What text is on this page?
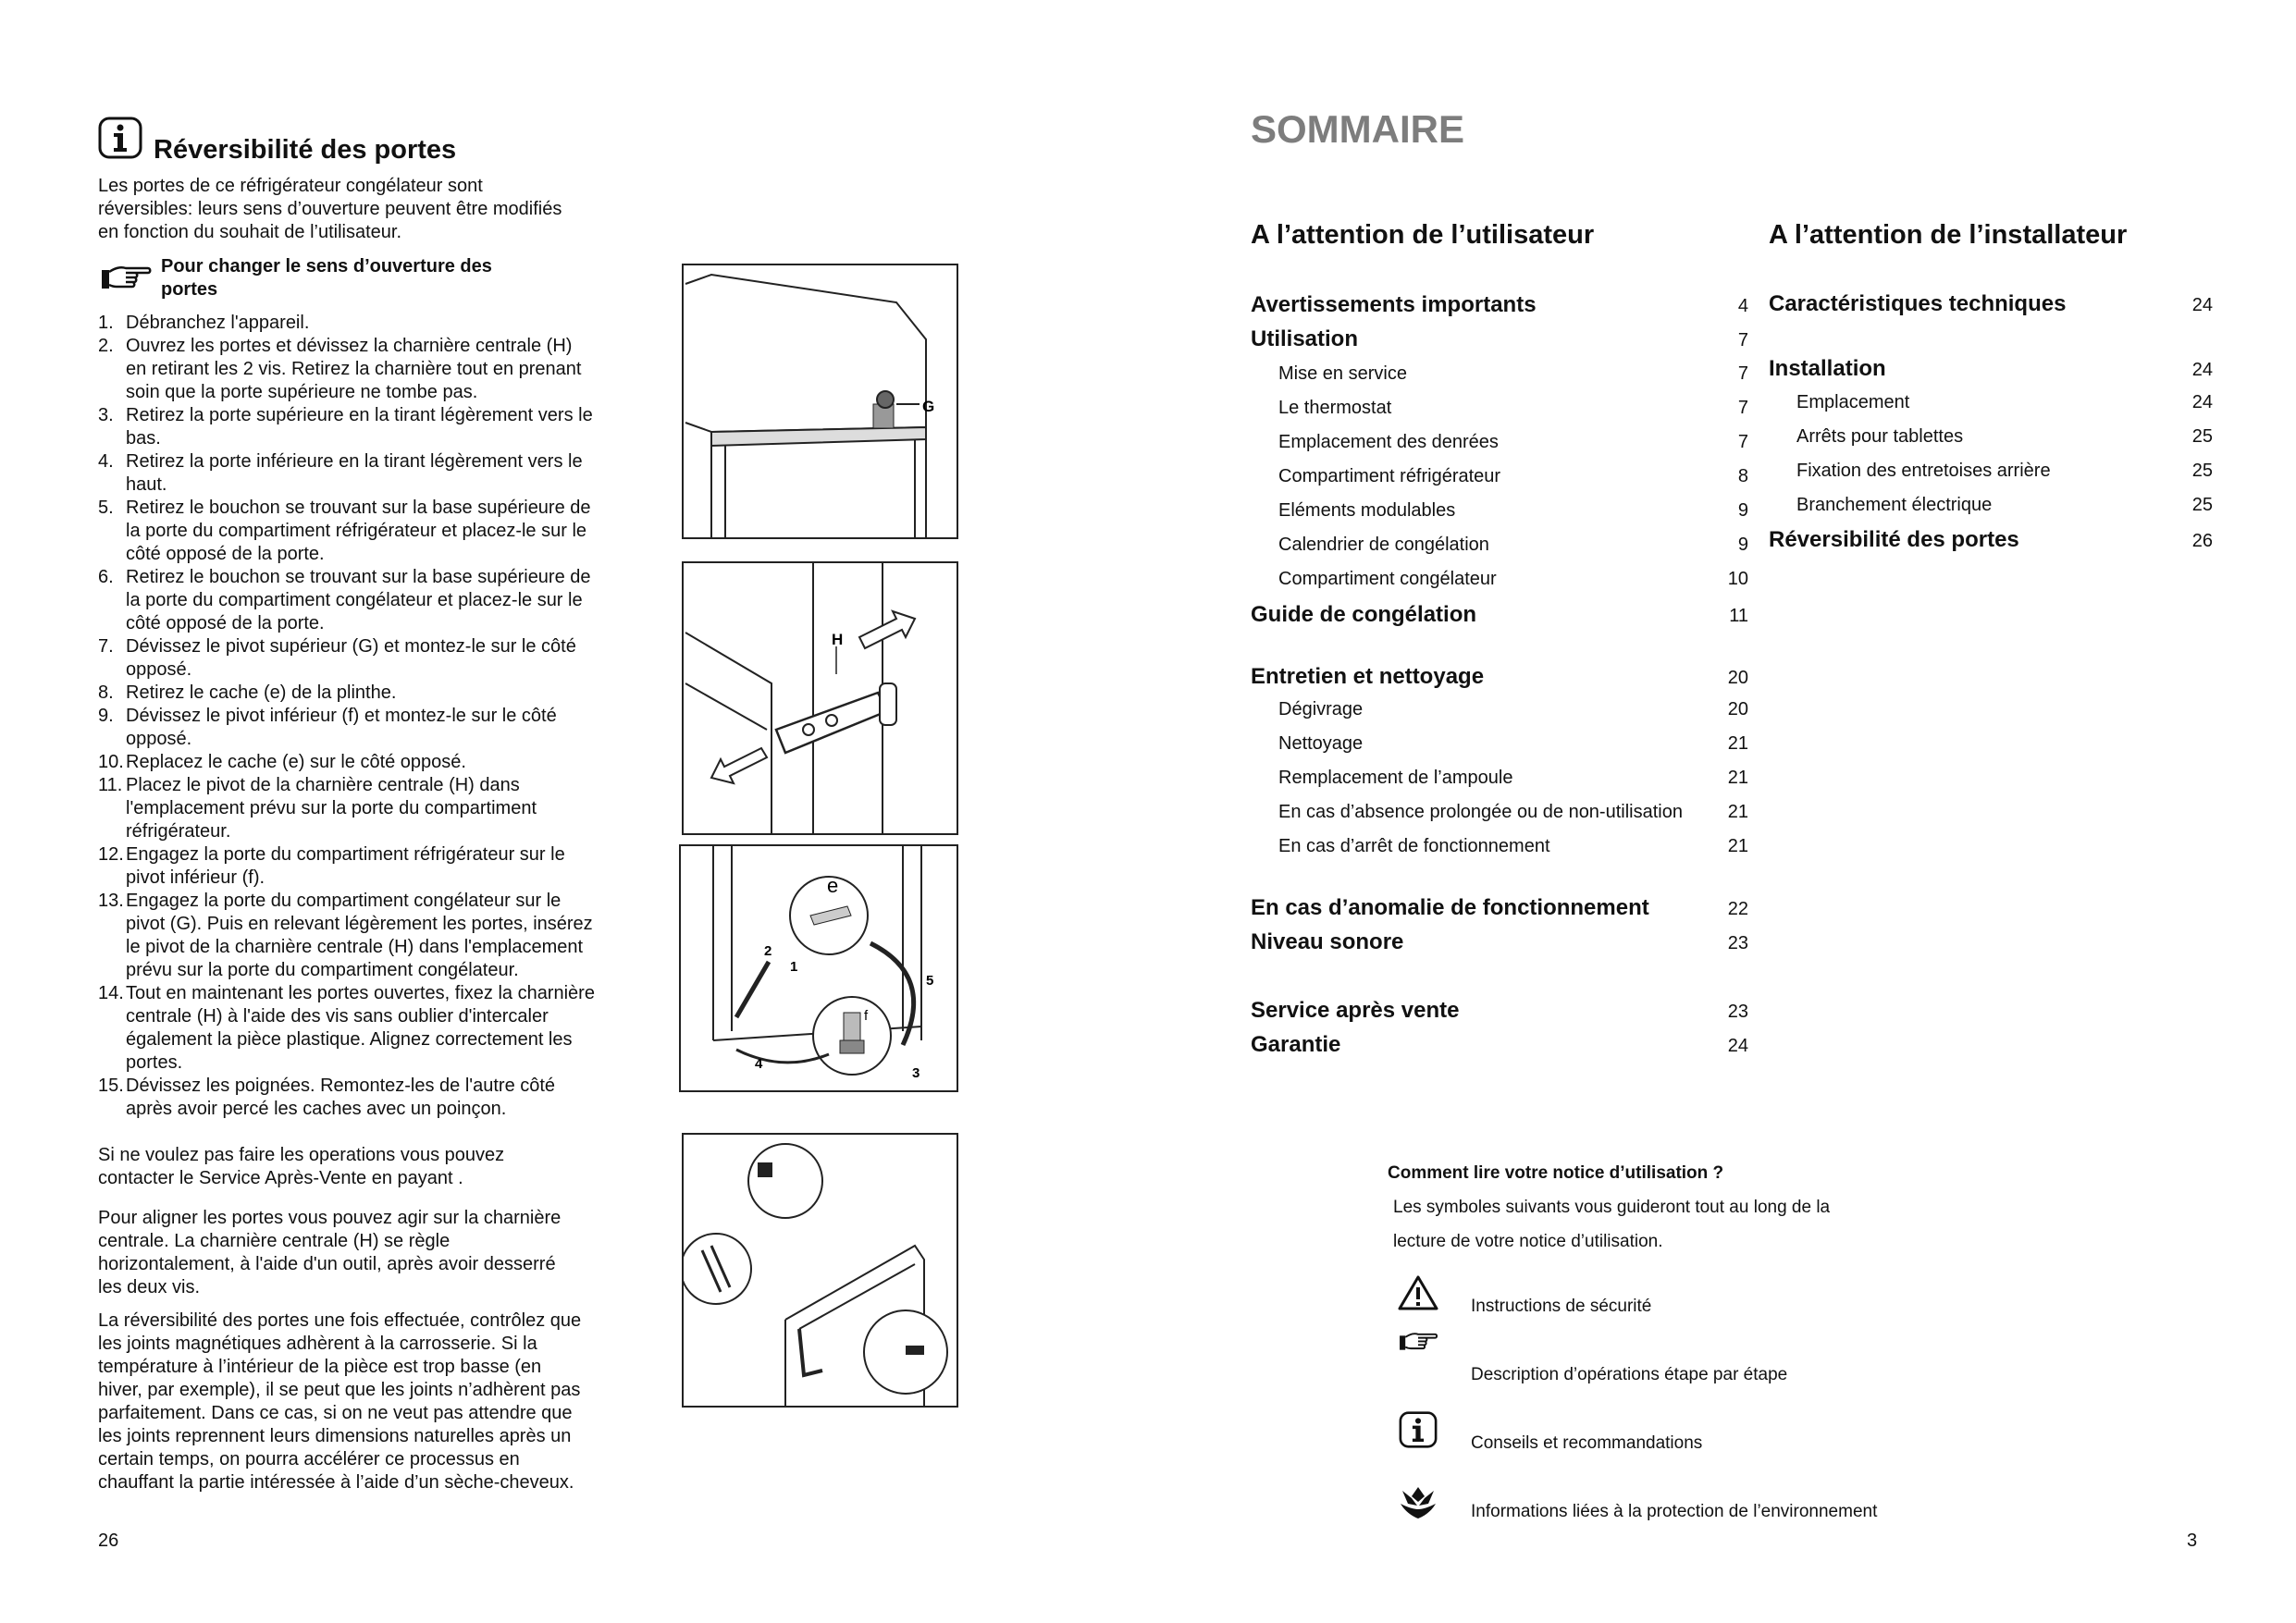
Réversibilité des portes
Les portes de ce réfrigérateur congélateur sont réversibles: leurs sens d’ouverture peuvent être modifiés en fonction du souhait de l’utilisateur.
Pour changer le sens d’ouverture des portes
1. Débranchez l'appareil.
2. Ouvrez les portes et dévissez la charnière centrale (H) en retirant les 2 vis. Retirez la charnière tout en prenant soin que la porte supérieure ne tombe pas.
3. Retirez la porte supérieure en la tirant légèrement vers le bas.
4. Retirez la porte inférieure en la tirant légèrement vers le haut.
5. Retirez le bouchon se trouvant sur la base supérieure de la porte du compartiment réfrigérateur et placez-le sur le côté opposé de la porte.
6. Retirez le bouchon se trouvant sur la base supérieure de la porte du compartiment congélateur et placez-le sur le côté opposé de la porte.
7. Dévissez le pivot supérieur (G) et montez-le sur le côté opposé.
8. Retirez le cache (e) de la plinthe.
9. Dévissez le pivot inférieur (f) et montez-le sur le côté opposé.
10. Replacez le cache (e) sur le côté opposé.
11. Placez le pivot de la charnière centrale (H) dans l'emplacement prévu sur la porte du compartiment réfrigérateur.
12. Engagez la porte du compartiment réfrigérateur sur le pivot inférieur (f).
13. Engagez la porte du compartiment congélateur sur le pivot (G). Puis en relevant légèrement les portes, insérez le pivot de la charnière centrale (H) dans l'emplacement prévu sur la porte du compartiment congélateur.
14. Tout en maintenant les portes ouvertes, fixez la charnière centrale (H) à l'aide des vis sans oublier d'intercaler également la pièce plastique. Alignez correctement les portes.
15. Dévissez les poignées. Remontez-les de l'autre côté après avoir percé les caches avec un poinçon.
Si ne voulez pas faire les operations vous pouvez contacter le Service Après-Vente en payant .
Pour aligner les portes vous pouvez agir sur la charnière centrale. La charnière centrale (H) se règle horizontalement, à l'aide d'un outil, après avoir desserré les deux vis.
La réversibilité des portes une fois effectuée, contrôlez que les joints magnétiques adhèrent à la carrosserie. Si la température à l’intérieur de la pièce est trop basse (en hiver, par exemple), il se peut que les joints n’adhèrent pas parfaitement. Dans ce cas, si on ne veut pas attendre que les joints reprennent leurs dimensions naturelles après un certain temps, on pourra accélérer ce processus en chauffant la partie intéressée à l’aide d’un sèche-cheveux.
26
G
H
e
f
2
1
5
4
3
SOMMAIRE
A l’attention de l’utilisateur	A l’attention de l’installateur
Avertissements importants	4
Utilisation	7
Mise en service	7
Le thermostat	7
Emplacement des denrées	7
Compartiment réfrigérateur	8
Eléments modulables	9
Calendrier de congélation	9
Compartiment congélateur	10
Guide de congélation	11
Entretien et nettoyage	20
Dégivrage	20
Nettoyage	21
Remplacement de l’ampoule	21
En cas d’absence prolongée ou de non-utilisation 21
En cas d’arrêt de fonctionnement	21
En cas d’anomalie de fonctionnement	22
Niveau sonore	23
Service après vente	23
Garantie	24
Caractéristiques techniques	24
Installation	24
Emplacement	24
Arrêts pour tablettes	25
Fixation des entretoises arrière	25
Branchement électrique	25
Réversibilité des portes	26
Comment lire votre notice d’utilisation ?
Les symboles suivants vous guideront tout au long de la
lecture de votre notice d’utilisation.
Instructions de sécurité
Description d’opérations étape par étape
Conseils et recommandations
Informations liées à la protection de l’environnement
3
